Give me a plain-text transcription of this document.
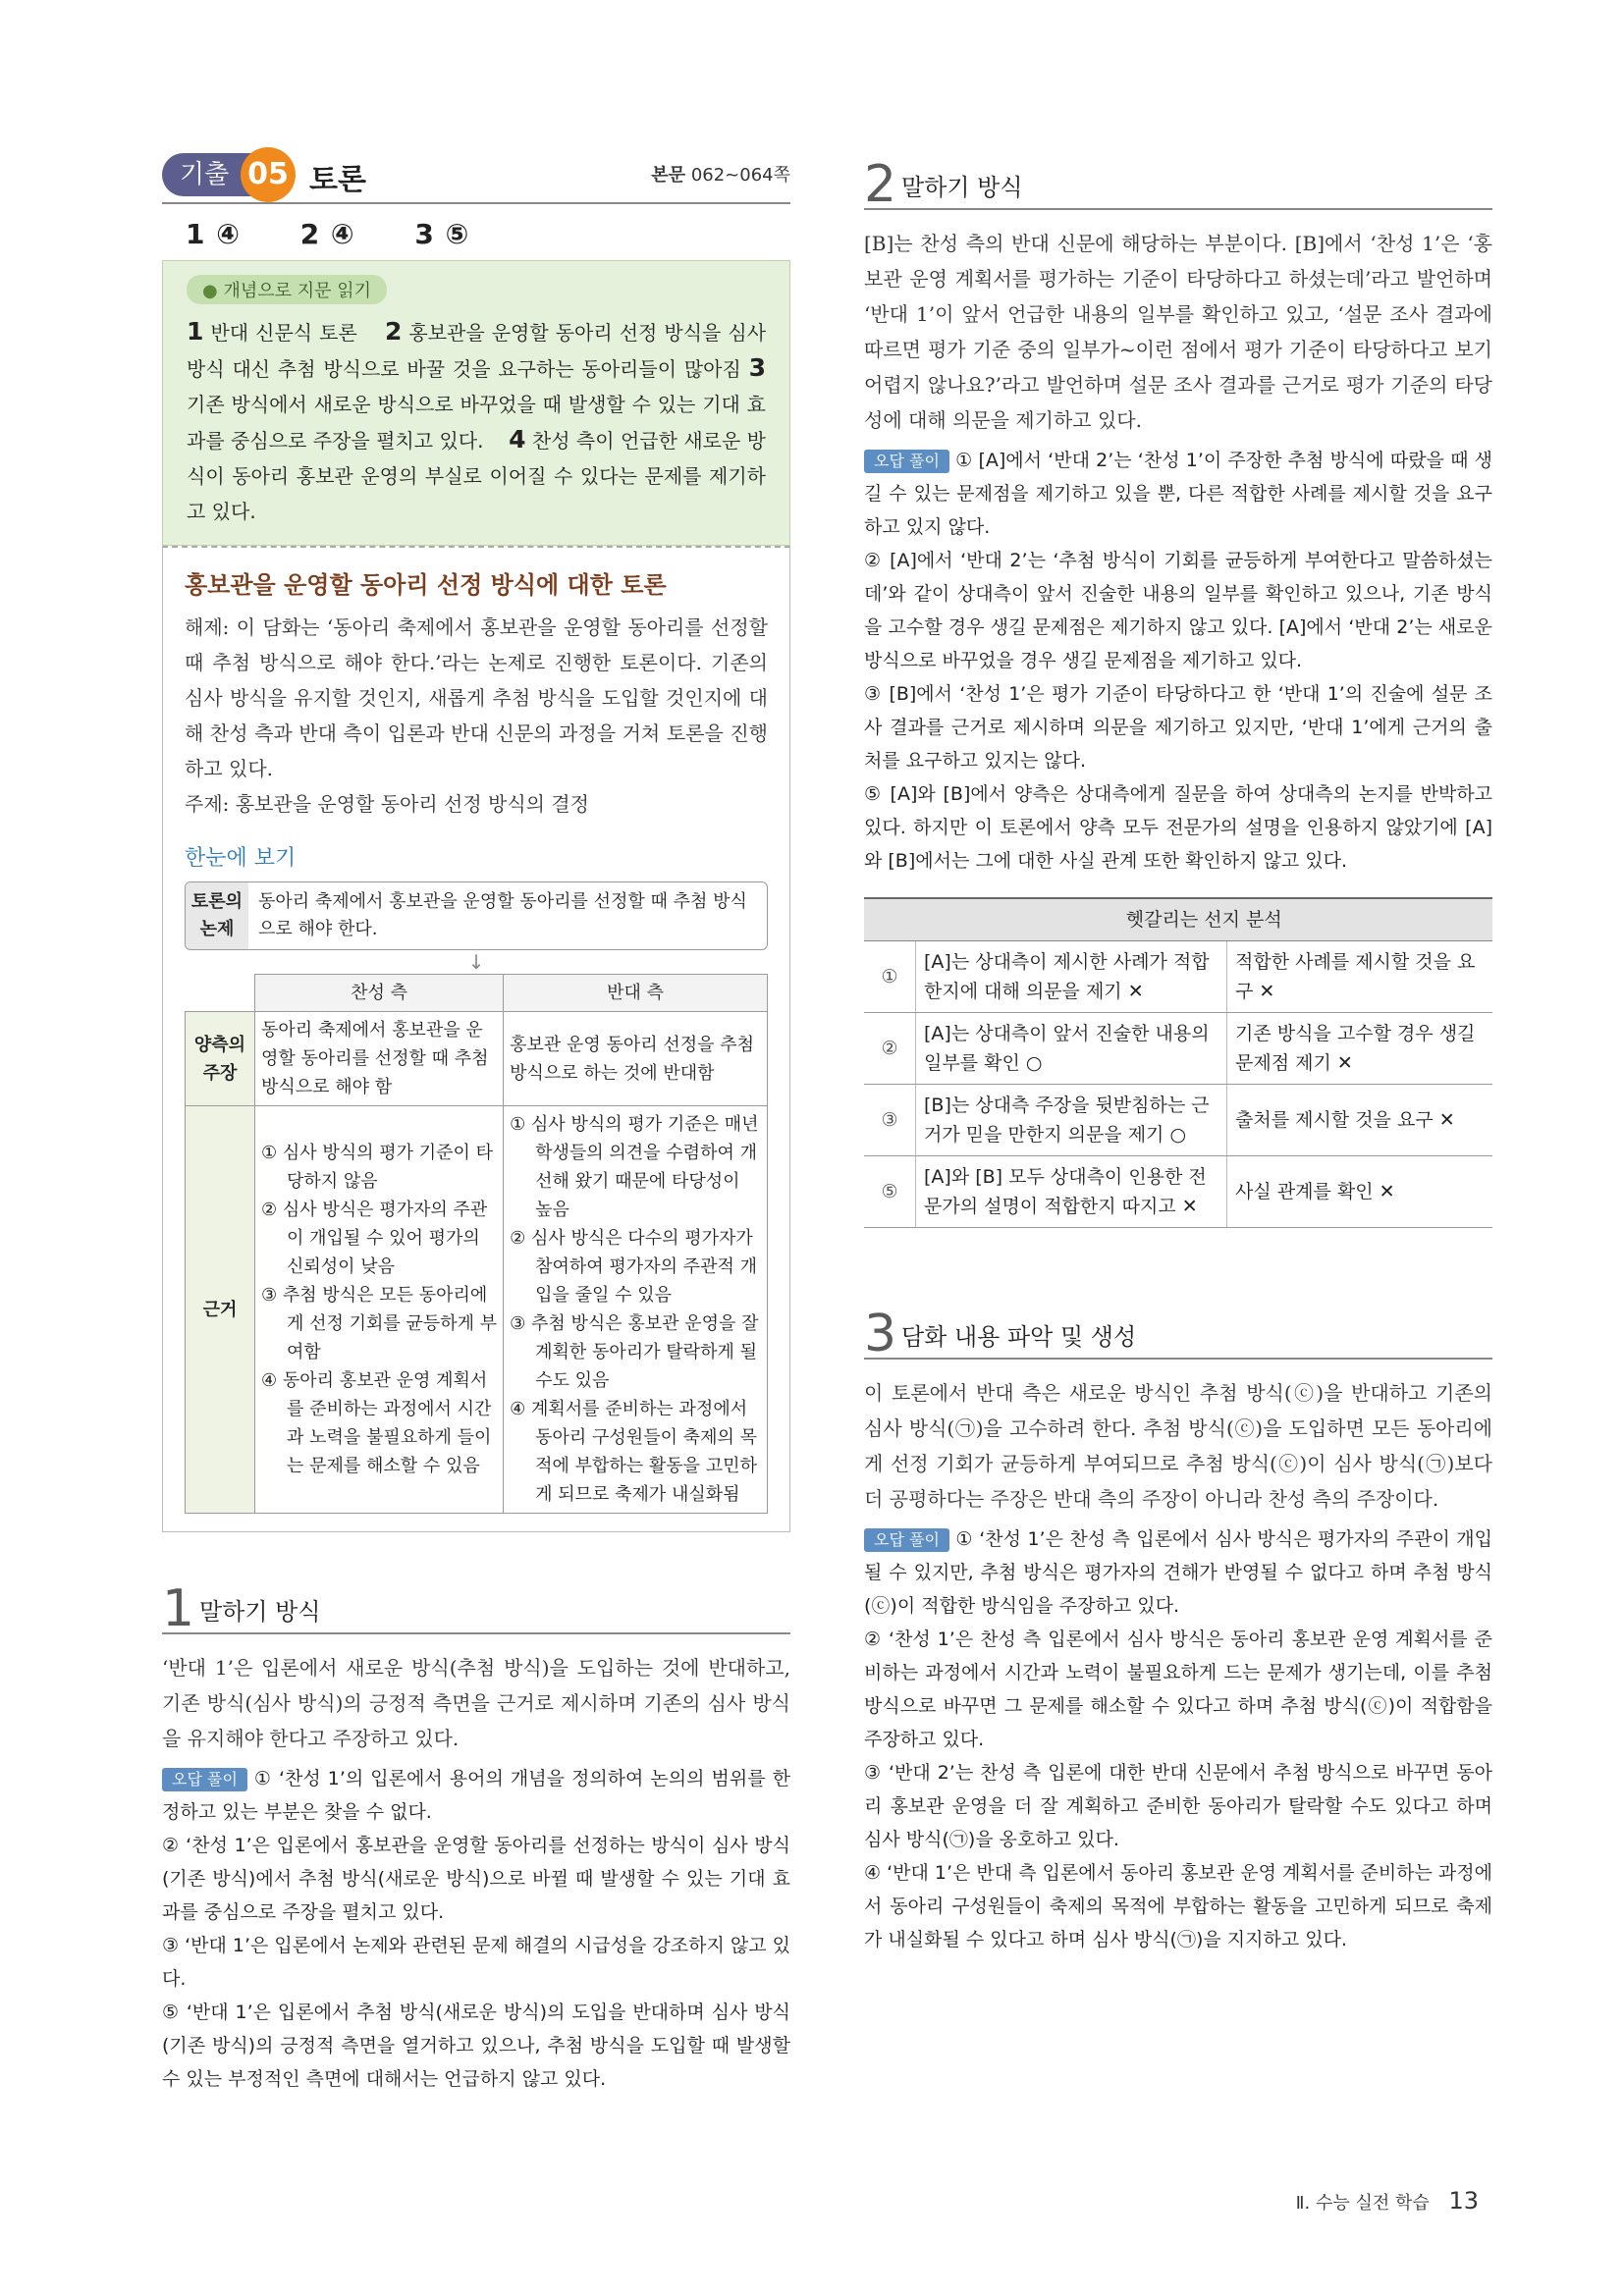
기출 05 토론	본문 062~064쪽
1 ④ 2 ④ 3 ⑤
● 개념으로 지문 읽기
1 반대 신문식 토론 2 홍보관을 운영할 동아리 선정 방식을 심사 방식 대신 추첨 방식으로 바꿀 것을 요구하는 동아리들이 많아짐 3 기존 방식에서 새로운 방식으로 바꾸었을 때 발생할 수 있는 기대 효과를 중심으로 주장을 펼치고 있다. 4 찬성 측이 언급한 새로운 방식이 동아리 홍보관 운영의 부실로 이어질 수 있다는 문제를 제기하고 있다.
홍보관을 운영할 동아리 선정 방식에 대한 토론
해제: 이 담화는 ‘동아리 축제에서 홍보관을 운영할 동아리를 선정할 때 추첨 방식으로 해야 한다.’라는 논제로 진행한 토론이다. 기존의 심사 방식을 유지할 것인지, 새롭게 추첨 방식을 도입할 것인지에 대해 찬성 측과 반대 측이 입론과 반대 신문의 과정을 거쳐 토론을 진행하고 있다.
주제: 홍보관을 운영할 동아리 선정 방식의 결정
한눈에 보기
토론의 논제
동아리 축제에서 홍보관을 운영할 동아리를 선정할 때 추첨 방식으로 해야 한다.
↓
	찬성 측	반대 측
양측의 주장	동아리 축제에서 홍보관을 운영할 동아리를 선정할 때 추첨 방식으로 해야 함	홍보관 운영 동아리 선정을 추첨 방식으로 하는 것에 반대함
근거	① 심사 방식의 평가 기준이 타당하지 않음
② 심사 방식은 평가자의 주관이 개입될 수 있어 평가의 신뢰성이 낮음
③ 추첨 방식은 모든 동아리에게 선정 기회를 균등하게 부여함
④ 동아리 홍보관 운영 계획서를 준비하는 과정에서 시간과 노력을 불필요하게 들이는 문제를 해소할 수 있음	① 심사 방식의 평가 기준은 매년 학생들의 의견을 수렴하여 개선해 왔기 때문에 타당성이 높음
② 심사 방식은 다수의 평가자가 참여하여 평가자의 주관적 개입을 줄일 수 있음
③ 추첨 방식은 홍보관 운영을 잘 계획한 동아리가 탈락하게 될 수도 있음
④ 계획서를 준비하는 과정에서 동아리 구성원들이 축제의 목적에 부합하는 활동을 고민하게 되므로 축제가 내실화됨
1 말하기 방식
‘반대 1’은 입론에서 새로운 방식(추첨 방식)을 도입하는 것에 반대하고, 기존 방식(심사 방식)의 긍정적 측면을 근거로 제시하며 기존의 심사 방식을 유지해야 한다고 주장하고 있다.
오답 풀이 ① ‘찬성 1’의 입론에서 용어의 개념을 정의하여 논의의 범위를 한정하고 있는 부분은 찾을 수 없다.
② ‘찬성 1’은 입론에서 홍보관을 운영할 동아리를 선정하는 방식이 심사 방식(기존 방식)에서 추첨 방식(새로운 방식)으로 바뀔 때 발생할 수 있는 기대 효과를 중심으로 주장을 펼치고 있다.
③ ‘반대 1’은 입론에서 논제와 관련된 문제 해결의 시급성을 강조하지 않고 있다.
⑤ ‘반대 1’은 입론에서 추첨 방식(새로운 방식)의 도입을 반대하며 심사 방식(기존 방식)의 긍정적 측면을 열거하고 있으나, 추첨 방식을 도입할 때 발생할 수 있는 부정적인 측면에 대해서는 언급하지 않고 있다.
2 말하기 방식
[B]는 찬성 측의 반대 신문에 해당하는 부분이다. [B]에서 ‘찬성 1’은 ‘홍보관 운영 계획서를 평가하는 기준이 타당하다고 하셨는데’라고 발언하며 ‘반대 1’이 앞서 언급한 내용의 일부를 확인하고 있고, ‘설문 조사 결과에 따르면 평가 기준 중의 일부가~이런 점에서 평가 기준이 타당하다고 보기 어렵지 않나요?’라고 발언하며 설문 조사 결과를 근거로 평가 기준의 타당성에 대해 의문을 제기하고 있다.
오답 풀이 ① [A]에서 ‘반대 2’는 ‘찬성 1’이 주장한 추첨 방식에 따랐을 때 생길 수 있는 문제점을 제기하고 있을 뿐, 다른 적합한 사례를 제시할 것을 요구하고 있지 않다.
② [A]에서 ‘반대 2’는 ‘추첨 방식이 기회를 균등하게 부여한다고 말씀하셨는데’와 같이 상대측이 앞서 진술한 내용의 일부를 확인하고 있으나, 기존 방식을 고수할 경우 생길 문제점은 제기하지 않고 있다. [A]에서 ‘반대 2’는 새로운 방식으로 바꾸었을 경우 생길 문제점을 제기하고 있다.
③ [B]에서 ‘찬성 1’은 평가 기준이 타당하다고 한 ‘반대 1’의 진술에 설문 조사 결과를 근거로 제시하며 의문을 제기하고 있지만, ‘반대 1’에게 근거의 출처를 요구하고 있지는 않다.
⑤ [A]와 [B]에서 양측은 상대측에게 질문을 하여 상대측의 논지를 반박하고 있다. 하지만 이 토론에서 양측 모두 전문가의 설명을 인용하지 않았기에 [A]와 [B]에서는 그에 대한 사실 관계 또한 확인하지 않고 있다.
	헷갈리는 선지 분석	
①	[A]는 상대측이 제시한 사례가 적합한지에 대해 의문을 제기 ✕	적합한 사례를 제시할 것을 요구 ✕
②	[A]는 상대측이 앞서 진술한 내용의 일부를 확인 ○	기존 방식을 고수할 경우 생길 문제점 제기 ✕
③	[B]는 상대측 주장을 뒷받침하는 근거가 믿을 만한지 의문을 제기 ○	출처를 제시할 것을 요구 ✕
⑤	[A]와 [B] 모두 상대측이 인용한 전문가의 설명이 적합한지 따지고 ✕	사실 관계를 확인 ✕
3 담화 내용 파악 및 생성
이 토론에서 반대 측은 새로운 방식인 추첨 방식(ⓒ)을 반대하고 기존의 심사 방식(㉠)을 고수하려 한다. 추첨 방식(ⓒ)을 도입하면 모든 동아리에게 선정 기회가 균등하게 부여되므로 추첨 방식(ⓒ)이 심사 방식(㉠)보다 더 공평하다는 주장은 반대 측의 주장이 아니라 찬성 측의 주장이다.
오답 풀이 ① ‘찬성 1’은 찬성 측 입론에서 심사 방식은 평가자의 주관이 개입될 수 있지만, 추첨 방식은 평가자의 견해가 반영될 수 없다고 하며 추첨 방식(ⓒ)이 적합한 방식임을 주장하고 있다.
② ‘찬성 1’은 찬성 측 입론에서 심사 방식은 동아리 홍보관 운영 계획서를 준비하는 과정에서 시간과 노력이 불필요하게 드는 문제가 생기는데, 이를 추첨 방식으로 바꾸면 그 문제를 해소할 수 있다고 하며 추첨 방식(ⓒ)이 적합함을 주장하고 있다.
③ ‘반대 2’는 찬성 측 입론에 대한 반대 신문에서 추첨 방식으로 바꾸면 동아리 홍보관 운영을 더 잘 계획하고 준비한 동아리가 탈락할 수도 있다고 하며 심사 방식(㉠)을 옹호하고 있다.
④ ‘반대 1’은 반대 측 입론에서 동아리 홍보관 운영 계획서를 준비하는 과정에서 동아리 구성원들이 축제의 목적에 부합하는 활동을 고민하게 되므로 축제가 내실화될 수 있다고 하며 심사 방식(㉠)을 지지하고 있다.
Ⅱ. 수능 실전 학습 13
